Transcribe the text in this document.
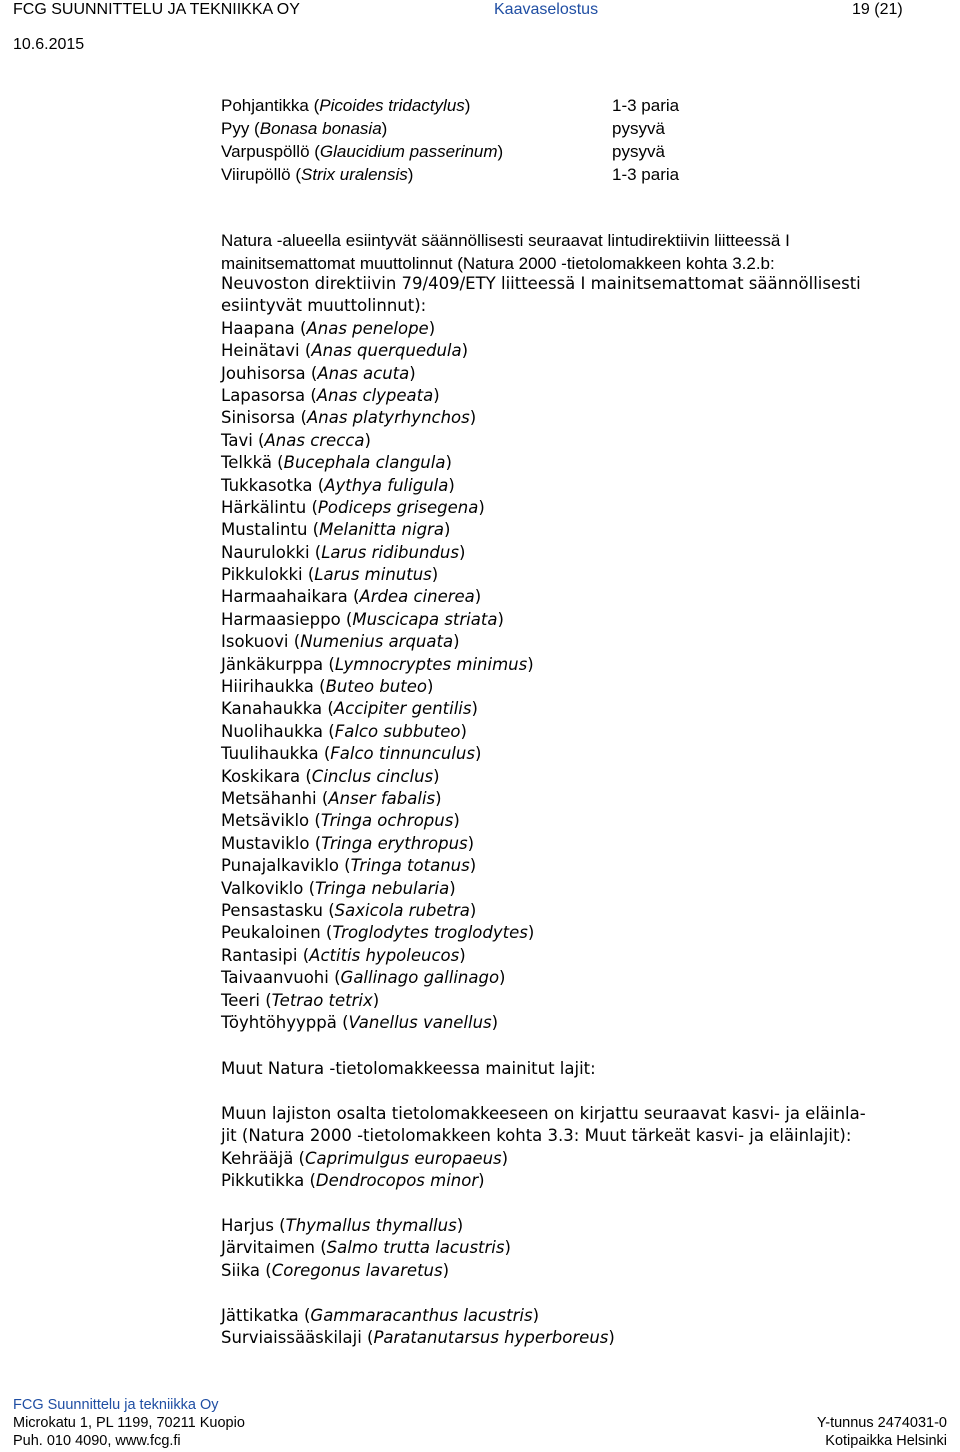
FCG SUUNNITTELU JA TEKNIIKKA OY	Kaavaselostus	19 (21)
10.6.2015
Pohjantikka (Picoides tridactylus)
Pyy (Bonasa bonasia)
Varpuspöllö (Glaucidium passerinum)
Viirupöllö (Strix uralensis)
1-3 paria
pysyvä
pysyvä
1-3 paria
Natura -alueella esiintyvät säännöllisesti seuraavat lintudirektiivin liitteessä I
mainitsemattomat muuttolinnut (Natura 2000 -tietolomakkeen kohta 3.2.b:
Neuvoston direktiivin 79/409/ETY liitteessä I mainitsemattomat säännöllisesti
esiintyvät muuttolinnut):
Haapana (Anas penelope)
Heinätavi (Anas querquedula)
Jouhisorsa (Anas acuta)
Lapasorsa (Anas clypeata)
Sinisorsa (Anas platyrhynchos)
Tavi (Anas crecca)
Telkkä (Bucephala clangula)
Tukkasotka (Aythya fuligula)
Härkälintu (Podiceps grisegena)
Mustalintu (Melanitta nigra)
Naurulokki (Larus ridibundus)
Pikkulokki (Larus minutus)
Harmaahaikara (Ardea cinerea)
Harmaasieppo (Muscicapa striata)
Isokuovi (Numenius arquata)
Jänkäkurppa (Lymnocryptes minimus)
Hiirihaukka (Buteo buteo)
Kanahaukka (Accipiter gentilis)
Nuolihaukka (Falco subbuteo)
Tuulihaukka (Falco tinnunculus)
Koskikara (Cinclus cinclus)
Metsähanhi (Anser fabalis)
Metsäviklo (Tringa ochropus)
Mustaviklo (Tringa erythropus)
Punajalkaviklo (Tringa totanus)
Valkoviklo (Tringa nebularia)
Pensastasku (Saxicola rubetra)
Peukaloinen (Troglodytes troglodytes)
Rantasipi (Actitis hypoleucos)
Taivaanvuohi (Gallinago gallinago)
Teeri (Tetrao tetrix)
Töyhtöhyyppä (Vanellus vanellus)
Muut Natura -tietolomakkeessa mainitut lajit:
Muun lajiston osalta tietolomakkeeseen on kirjattu seuraavat kasvi- ja eläinla-
jit (Natura 2000 -tietolomakkeen kohta 3.3: Muut tärkeät kasvi- ja eläinlajit):
Kehrääjä (Caprimulgus europaeus)
Pikkutikka (Dendrocopos minor)
Harjus (Thymallus thymallus)
Järvitaimen (Salmo trutta lacustris)
Siika (Coregonus lavaretus)
Jättikatka (Gammaracanthus lacustris)
Surviaissääskilaji (Paratanutarsus hyperboreus)
FCG Suunnittelu ja tekniikka Oy
Microkatu 1, PL 1199, 70211 Kuopio
Puh. 010 4090, www.fcg.fi
Y-tunnus 2474031-0
Kotipaikka Helsinki
